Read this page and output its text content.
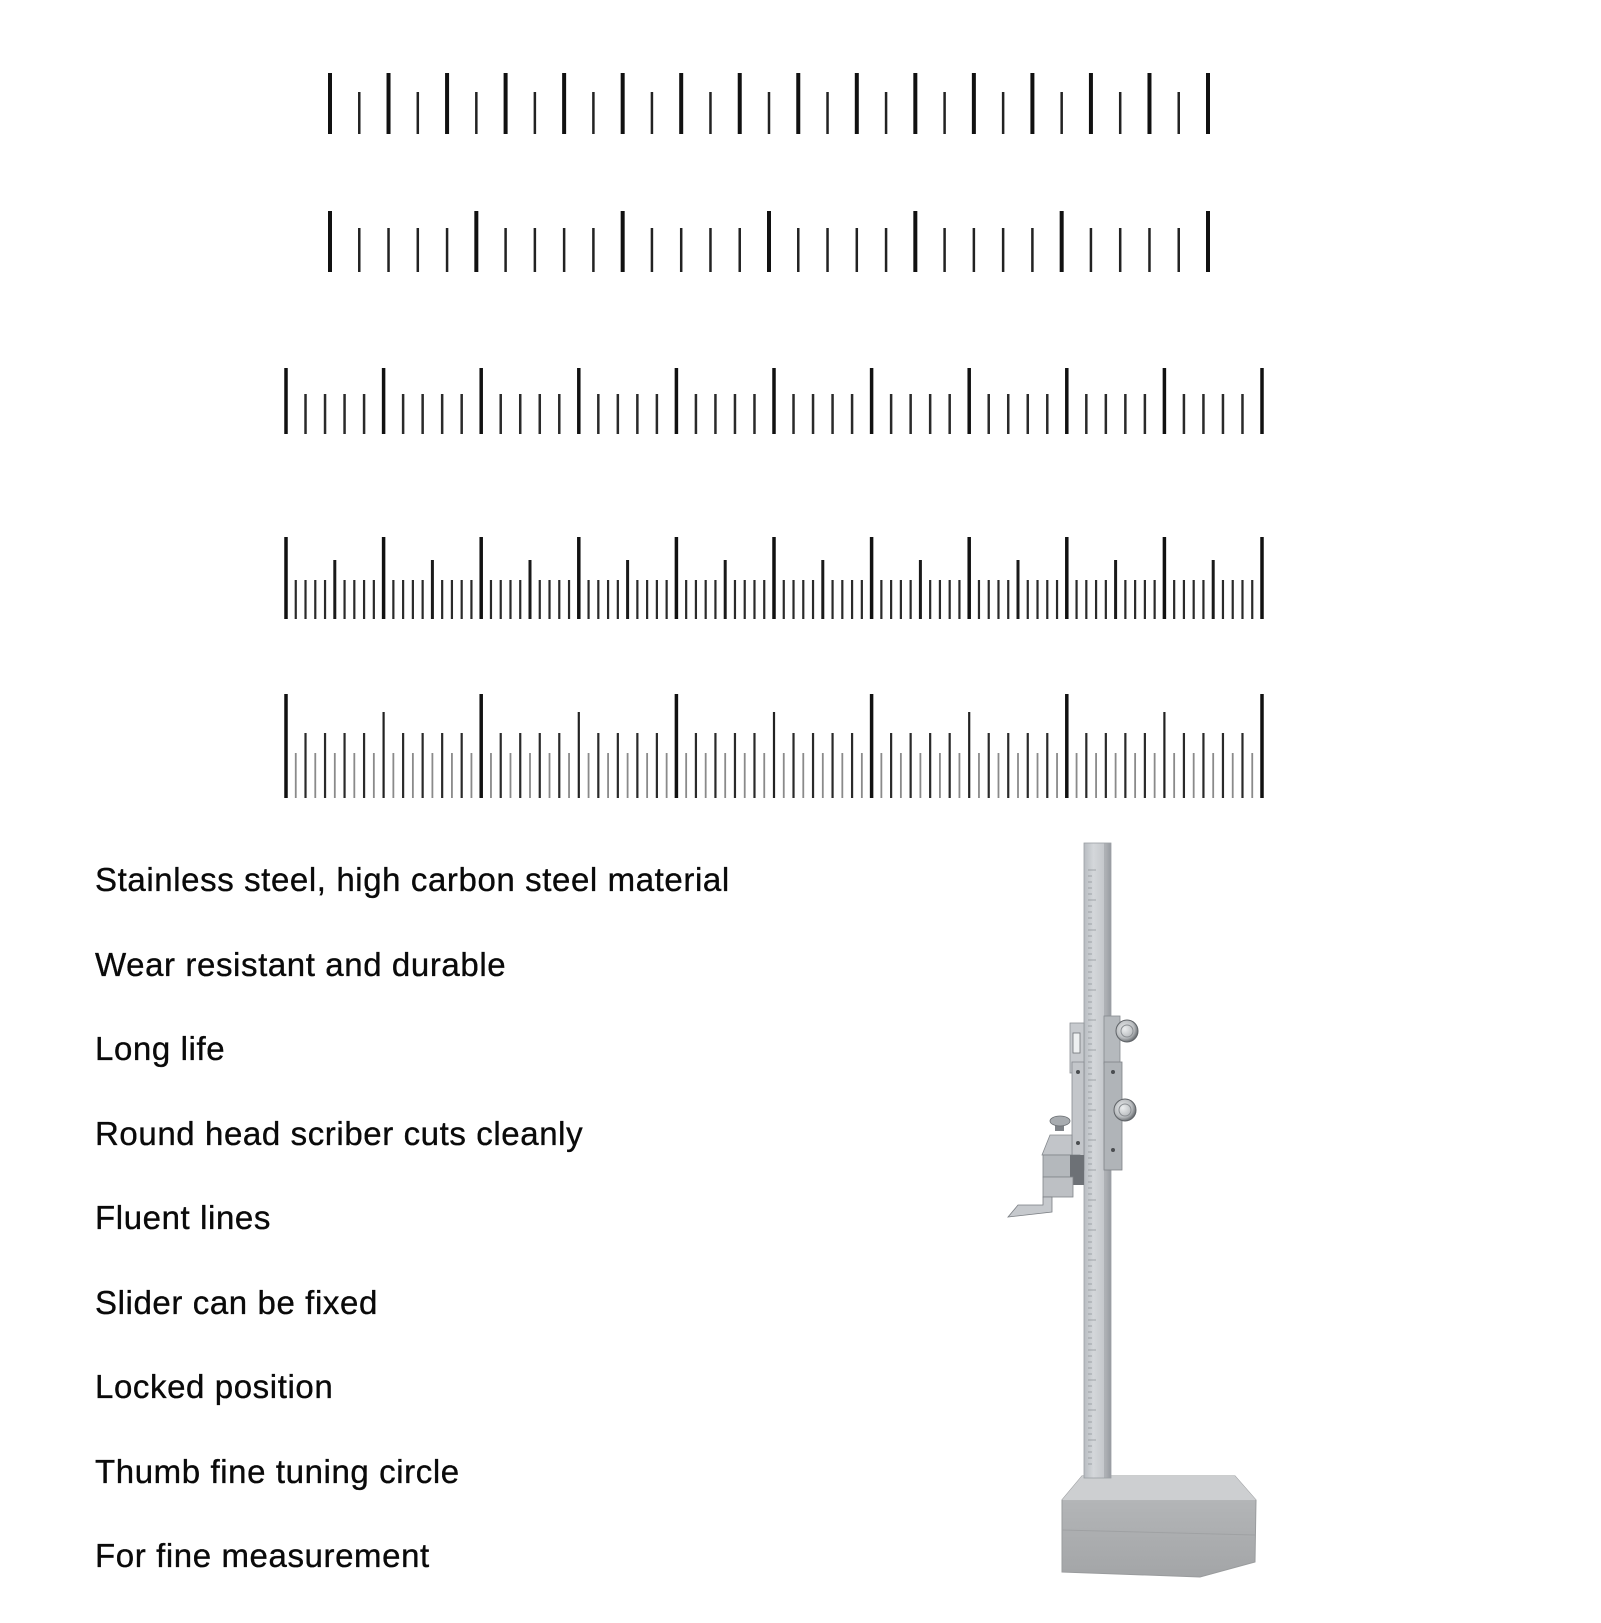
Stainless steel, high carbon steel material
Wear resistant and durable
Long life
Round head scriber cuts cleanly
Fluent lines
Slider can be fixed
Locked position
Thumb fine tuning circle
For fine measurement
